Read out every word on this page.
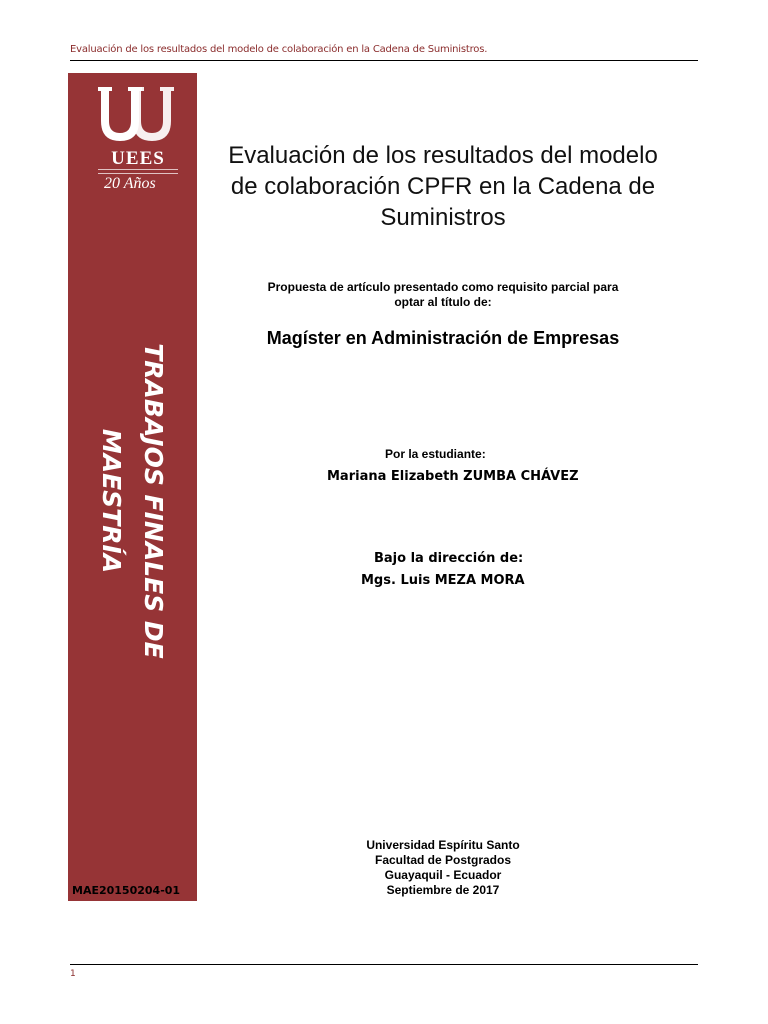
Evaluación de los resultados del modelo de colaboración en la Cadena de Suministros.
UEES
20 Años
TRABAJOS FINALES DE
MAESTRÍA
MAE20150204-01
Evaluación de los resultados del modelo de colaboración CPFR en la Cadena de Suministros
Propuesta de artículo presentado como requisito parcial para
optar al título de:
Magíster en Administración de Empresas
Por la estudiante:
Mariana Elizabeth ZUMBA CHÁVEZ
Bajo la dirección de:
Mgs. Luis MEZA MORA
Universidad Espíritu Santo
Facultad de Postgrados
Guayaquil - Ecuador
Septiembre de 2017
1
